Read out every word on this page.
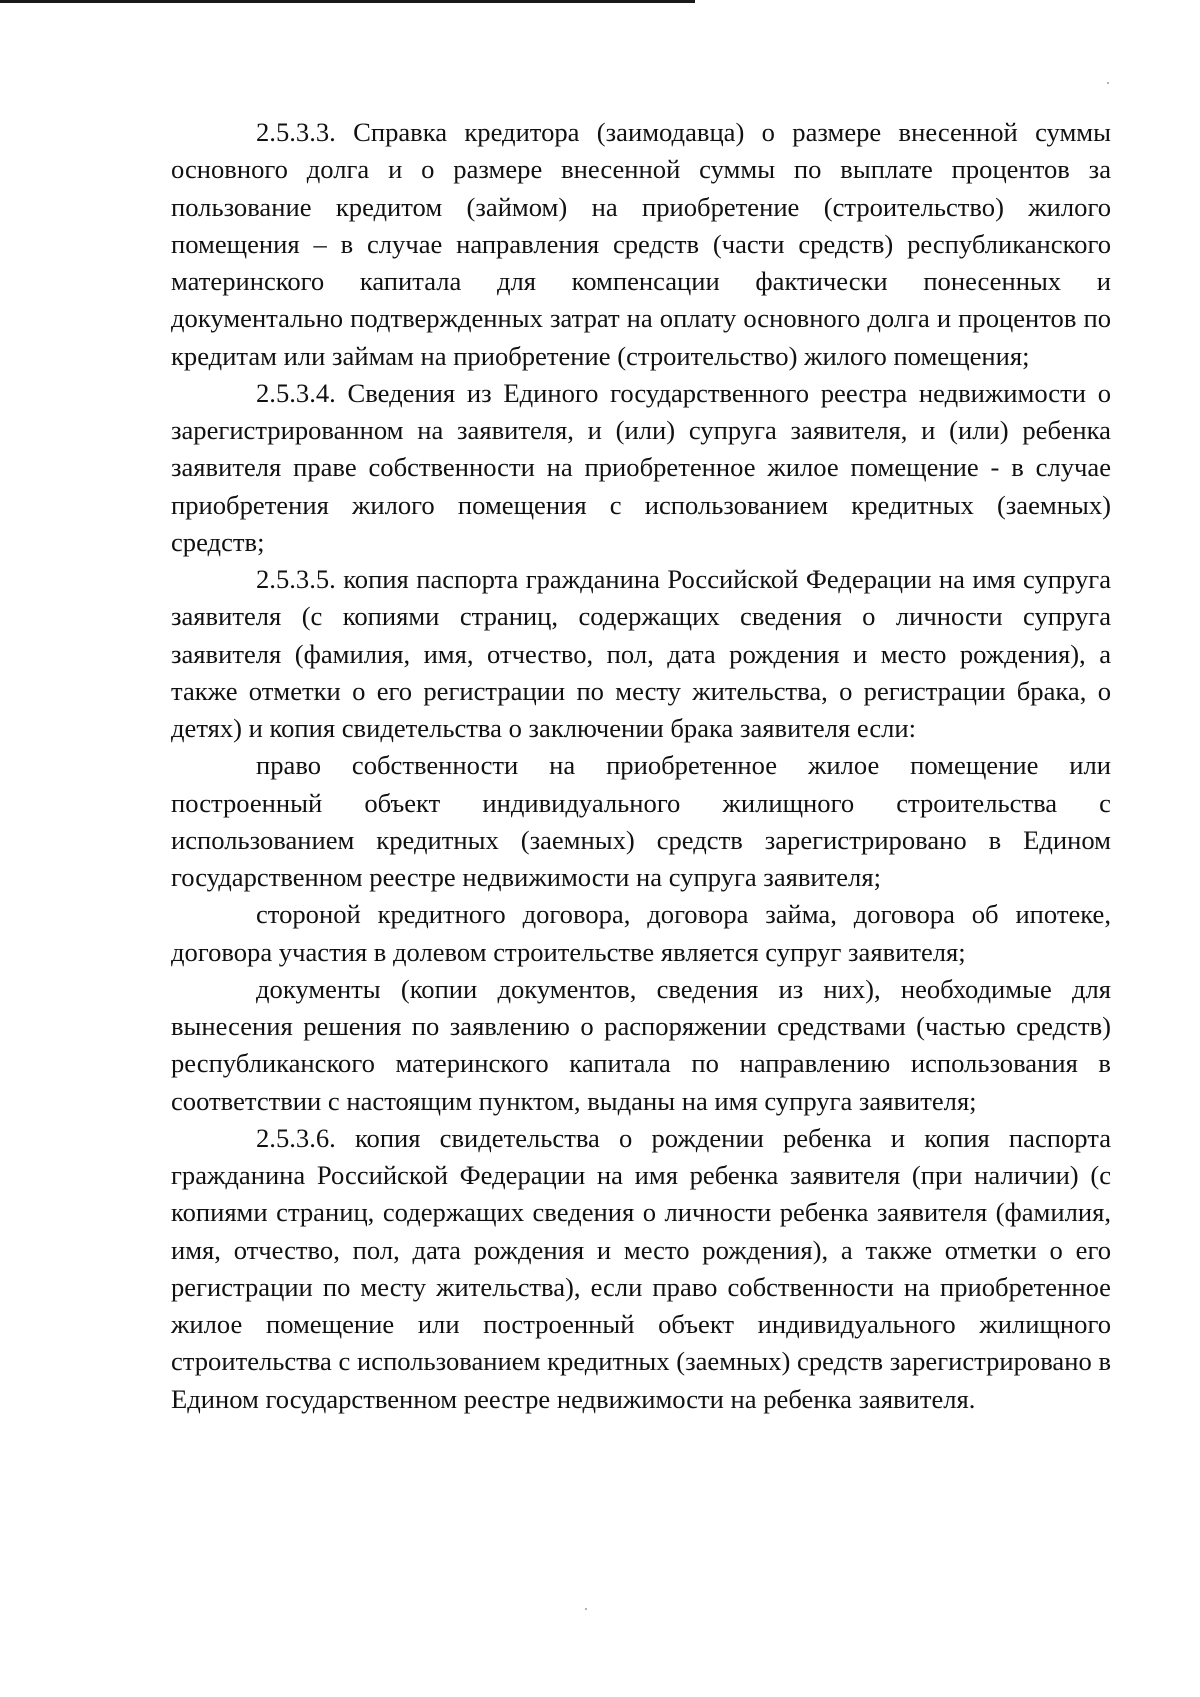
2.5.3.3. Справка кредитора (заимодавца) о размере внесенной суммы основного долга и о размере внесенной суммы по выплате процентов за пользование кредитом (займом) на приобретение (строительство) жилого помещения – в случае направления средств (части средств) республиканского материнского капитала для компенсации фактически понесенных и документально подтвержденных затрат на оплату основного долга и процентов по кредитам или займам на приобретение (строительство) жилого помещения;

2.5.3.4. Сведения из Единого государственного реестра недвижимости о зарегистрированном на заявителя, и (или) супруга заявителя, и (или) ребенка заявителя праве собственности на приобретенное жилое помещение - в случае приобретения жилого помещения с использованием кредитных (заемных) средств;

2.5.3.5. копия паспорта гражданина Российской Федерации на имя супруга заявителя (с копиями страниц, содержащих сведения о личности супруга заявителя (фамилия, имя, отчество, пол, дата рождения и место рождения), а также отметки о его регистрации по месту жительства, о регистрации брака, о детях) и копия свидетельства о заключении брака заявителя если:

право собственности на приобретенное жилое помещение или построенный объект индивидуального жилищного строительства с использованием кредитных (заемных) средств зарегистрировано в Едином государственном реестре недвижимости на супруга заявителя;

стороной кредитного договора, договора займа, договора об ипотеке, договора участия в долевом строительстве является супруг заявителя;

документы (копии документов, сведения из них), необходимые для вынесения решения по заявлению о распоряжении средствами (частью средств) республиканского материнского капитала по направлению использования в соответствии с настоящим пунктом, выданы на имя супруга заявителя;

2.5.3.6. копия свидетельства о рождении ребенка и копия паспорта гражданина Российской Федерации на имя ребенка заявителя (при наличии) (с копиями страниц, содержащих сведения о личности ребенка заявителя (фамилия, имя, отчество, пол, дата рождения и место рождения), а также отметки о его регистрации по месту жительства), если право собственности на приобретенное жилое помещение или построенный объект индивидуального жилищного строительства с использованием кредитных (заемных) средств зарегистрировано в Едином государственном реестре недвижимости на ребенка заявителя.
